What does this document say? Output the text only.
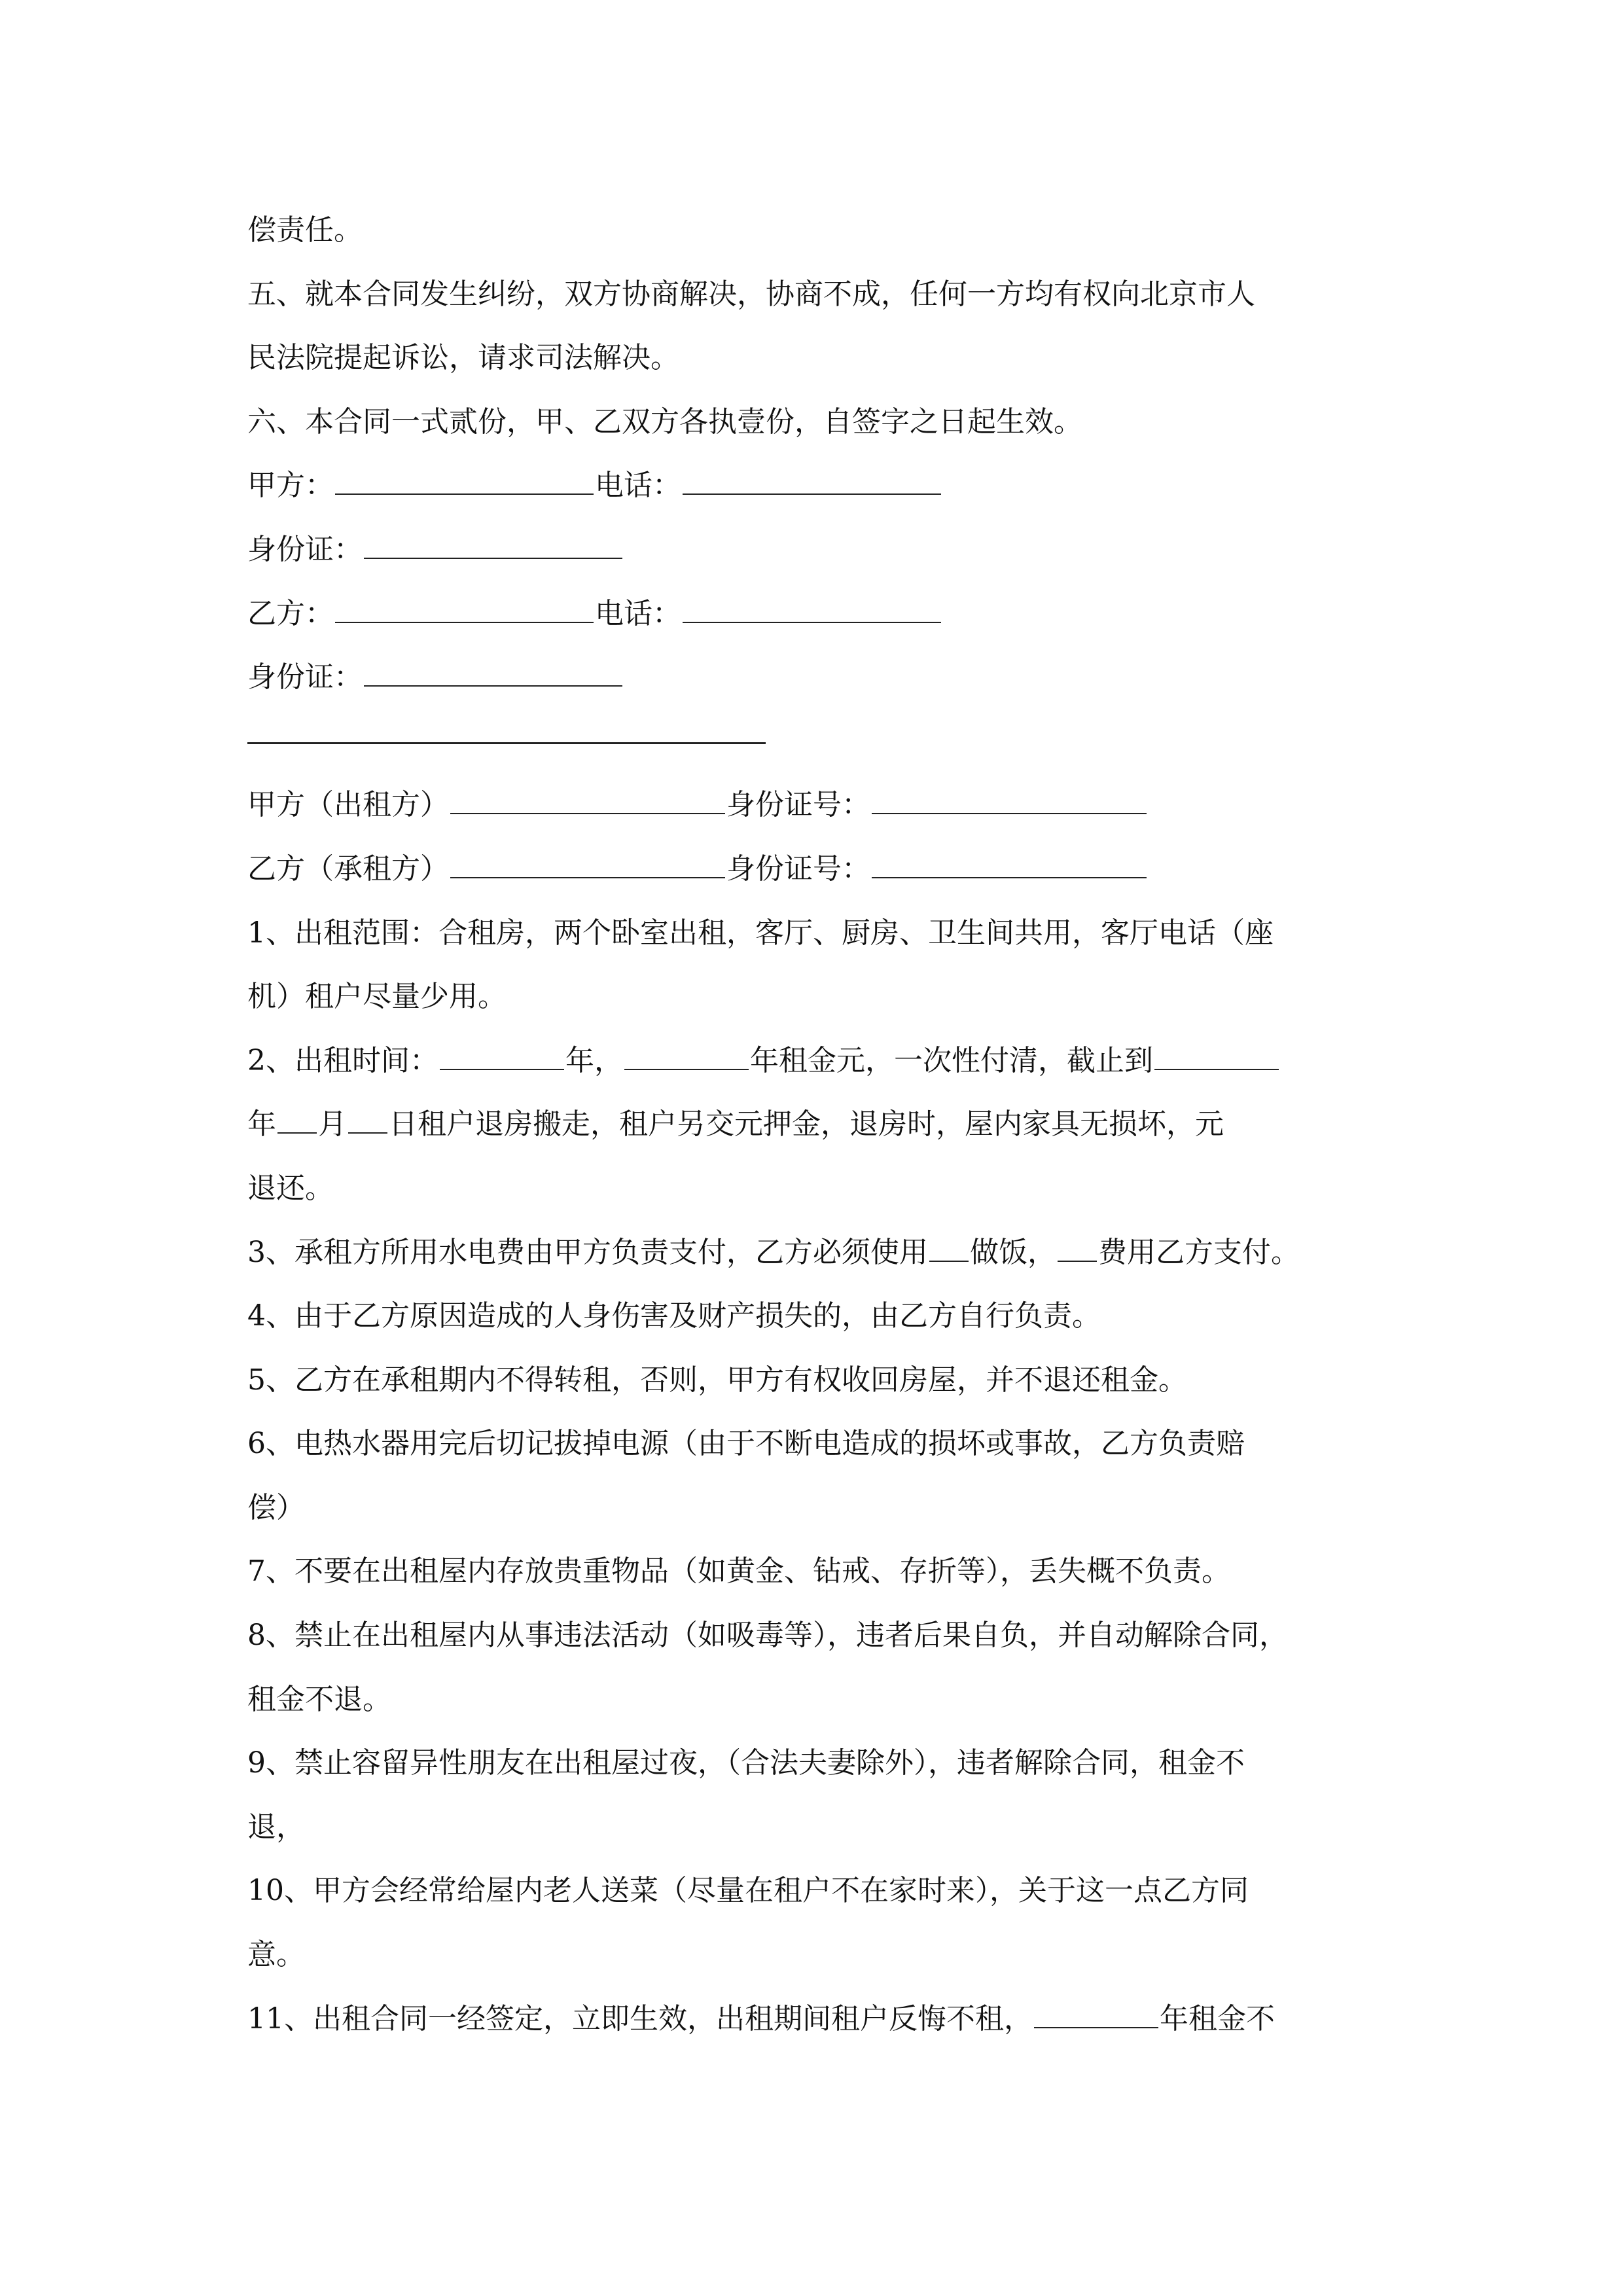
偿责任。
五、就本合同发生纠纷，双方协商解决，协商不成，任何一方均有权向北京市人
民法院提起诉讼，请求司法解决。
六、本合同一式贰份，甲、乙双方各执壹份，自签字之日起生效。
甲方：	电话：
身份证：
乙方：	电话：
身份证：
甲方（出租方）	身份证号：
乙方（承租方）	身份证号：
1、出租范围：合租房，两个卧室出租，客厅、厨房、卫生间共用，客厅电话（座
机）租户尽量少用。
2、出租时间：	年，	年租金元，一次性付清，截止到
年 月 日租户退房搬走，租户另交元押金，退房时，屋内家具无损坏，元
退还。
3、承租方所用水电费由甲方负责支付，乙方必须使用 做饭， 费用乙方支付。
4、由于乙方原因造成的人身伤害及财产损失的，由乙方自行负责。
5、乙方在承租期内不得转租，否则，甲方有权收回房屋，并不退还租金。
6、电热水器用完后切记拔掉电源（由于不断电造成的损坏或事故，乙方负责赔
偿）
7、不要在出租屋内存放贵重物品（如黄金、钻戒、存折等），丢失概不负责。
8、禁止在出租屋内从事违法活动（如吸毒等），违者后果自负，并自动解除合同，
租金不退。
9、禁止容留异性朋友在出租屋过夜，（合法夫妻除外），违者解除合同，租金不
退，
10、甲方会经常给屋内老人送菜（尽量在租户不在家时来），关于这一点乙方同
意。
11、出租合同一经签定，立即生效，出租期间租户反悔不租，	年租金不
